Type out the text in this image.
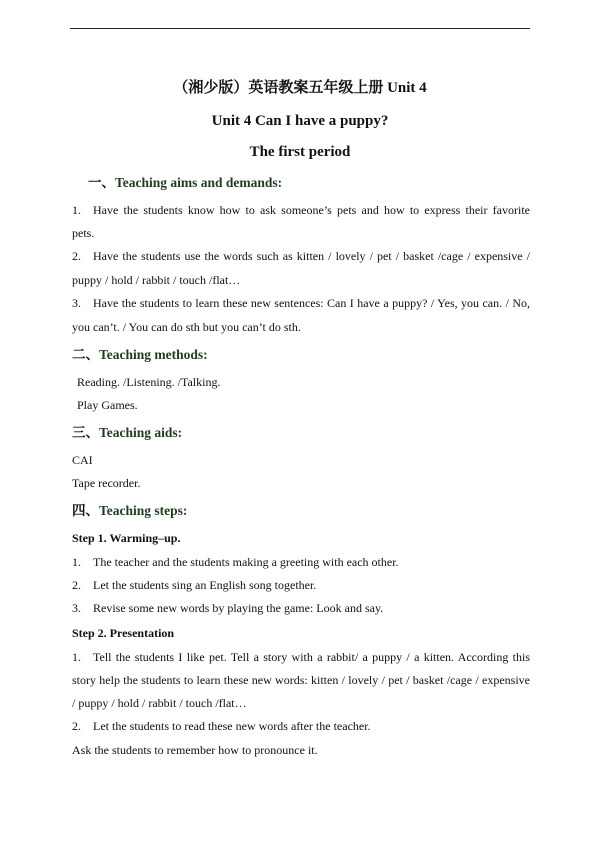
（湘少版）英语教案五年级上册 Unit 4
Unit 4 Can I have a puppy?
The first period
一、Teaching aims and demands:
1. Have the students know how to ask someone’s pets and how to express their favorite
pets.
2. Have the students use the words such as kitten / lovely / pet / basket /cage / expensive /
puppy / hold / rabbit / touch /flat…
3. Have the students to learn these new sentences: Can I have a puppy? / Yes, you can. / No,
you can’t. / You can do sth but you can’t do sth.
二、Teaching methods:
Reading. /Listening. /Talking.
Play Games.
三、Teaching aids:
CAI
Tape recorder.
四、Teaching steps:
Step 1. Warming–up.
1. The teacher and the students making a greeting with each other.
2. Let the students sing an English song together.
3. Revise some new words by playing the game: Look and say.
Step 2. Presentation
1. Tell the students I like pet. Tell a story with a rabbit/ a puppy / a kitten. According this
story help the students to learn these new words: kitten / lovely / pet / basket /cage / expensive
/ puppy / hold / rabbit / touch /flat…
2. Let the students to read these new words after the teacher.
Ask the students to remember how to pronounce it.
